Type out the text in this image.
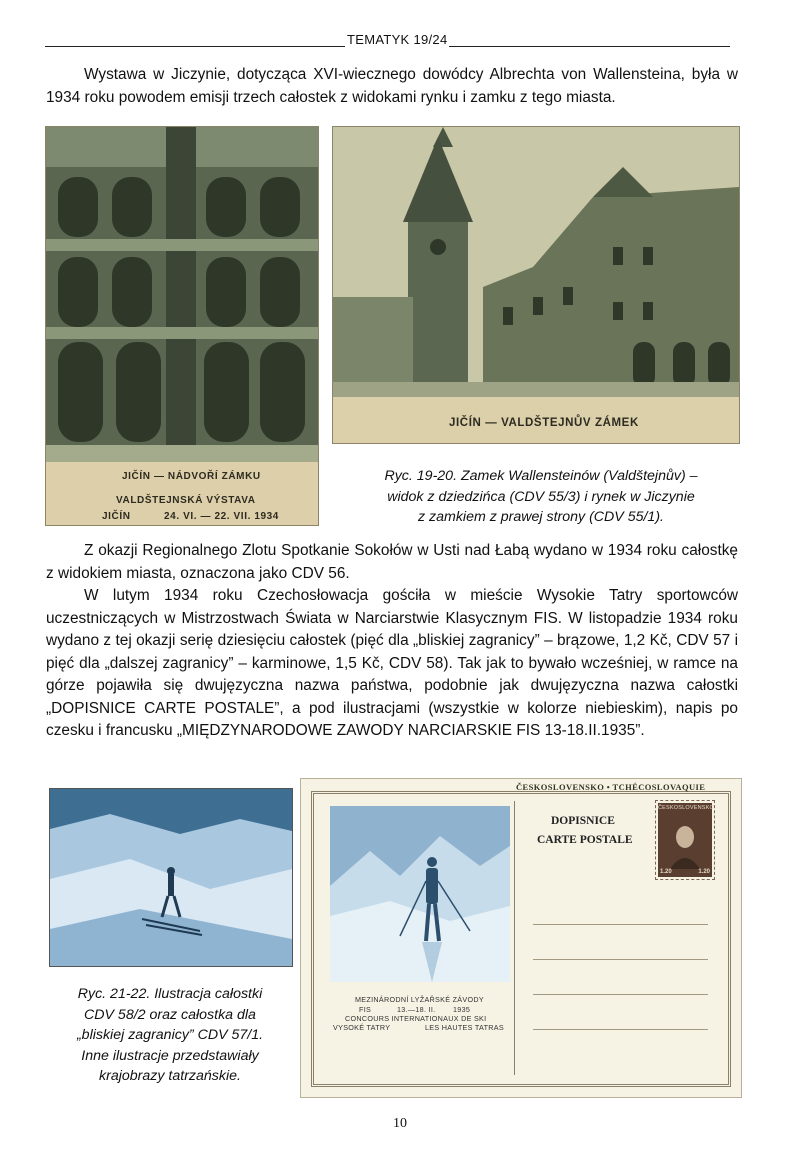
TEMATYK 19/24

Wystawa w Jiczynie, dotycząca XVI-wiecznego dowódcy Albrechta von Wallensteina, była w 1934 roku powodem emisji trzech całostek z widokami rynku i zamku z tego miasta.

JIČÍN — NÁDVOŘÍ ZÁMKU
VALDŠTEJNSKÁ VÝSTAVA
JIČÍN	24. VI. — 22. VII. 1934
JIČÍN — VALDŠTEJNŮV ZÁMEK

Ryc. 19-20. Zamek Wallensteinów (Valdštejnův) –
widok z dziedzińca (CDV 55/3) i rynek w Jiczynie
z zamkiem z prawej strony (CDV 55/1).

Z okazji Regionalnego Zlotu Spotkanie Sokołów w Usti nad Łabą wydano w 1934 roku całostkę z widokiem miasta, oznaczona jako CDV 56.

W lutym 1934 roku Czechosłowacja gościła w mieście Wysokie Tatry sportowców uczestniczących w Mistrzostwach Świata w Narciarstwie Klasycznym FIS. W listopadzie 1934 roku wydano z tej okazji serię dziesięciu całostek (pięć dla „bliskiej zagranicy” – brązowe, 1,2 Kč, CDV 57 i pięć dla „dalszej zagranicy” – karminowe, 1,5 Kč, CDV 58). Tak jak to bywało wcześniej, w ramce na górze pojawiła się dwujęzyczna nazwa państwa, podobnie jak dwujęzyczna nazwa całostki „DOPISNICE CARTE POSTALE”, a pod ilustracjami (wszystkie w kolorze niebieskim), napis po czesku i francusku „MIĘDZYNARODOWE ZAWODY NARCIARSKIE FIS 13-18.II.1935”.

Ryc. 21-22. Ilustracja całostki
CDV 58/2 oraz całostka dla
„bliskiej zagranicy” CDV 57/1.
Inne ilustracje przedstawiały
krajobrazy tatrzańskie.

ČESKOSLOVENSKO • TCHÉCOSLOVAQUIE
MEZINÁRODNÍ LYŽAŘSKÉ ZÁVODY
FIS	13.—18. II. 1935
CONCOURS INTERNATIONAUX DE SKI
VYSOKÉ TATRY	LES HAUTES TATRAS
DOPISNICE
CARTE POSTALE
ČESKOSLOVENSKO
1.20	1.20
10
